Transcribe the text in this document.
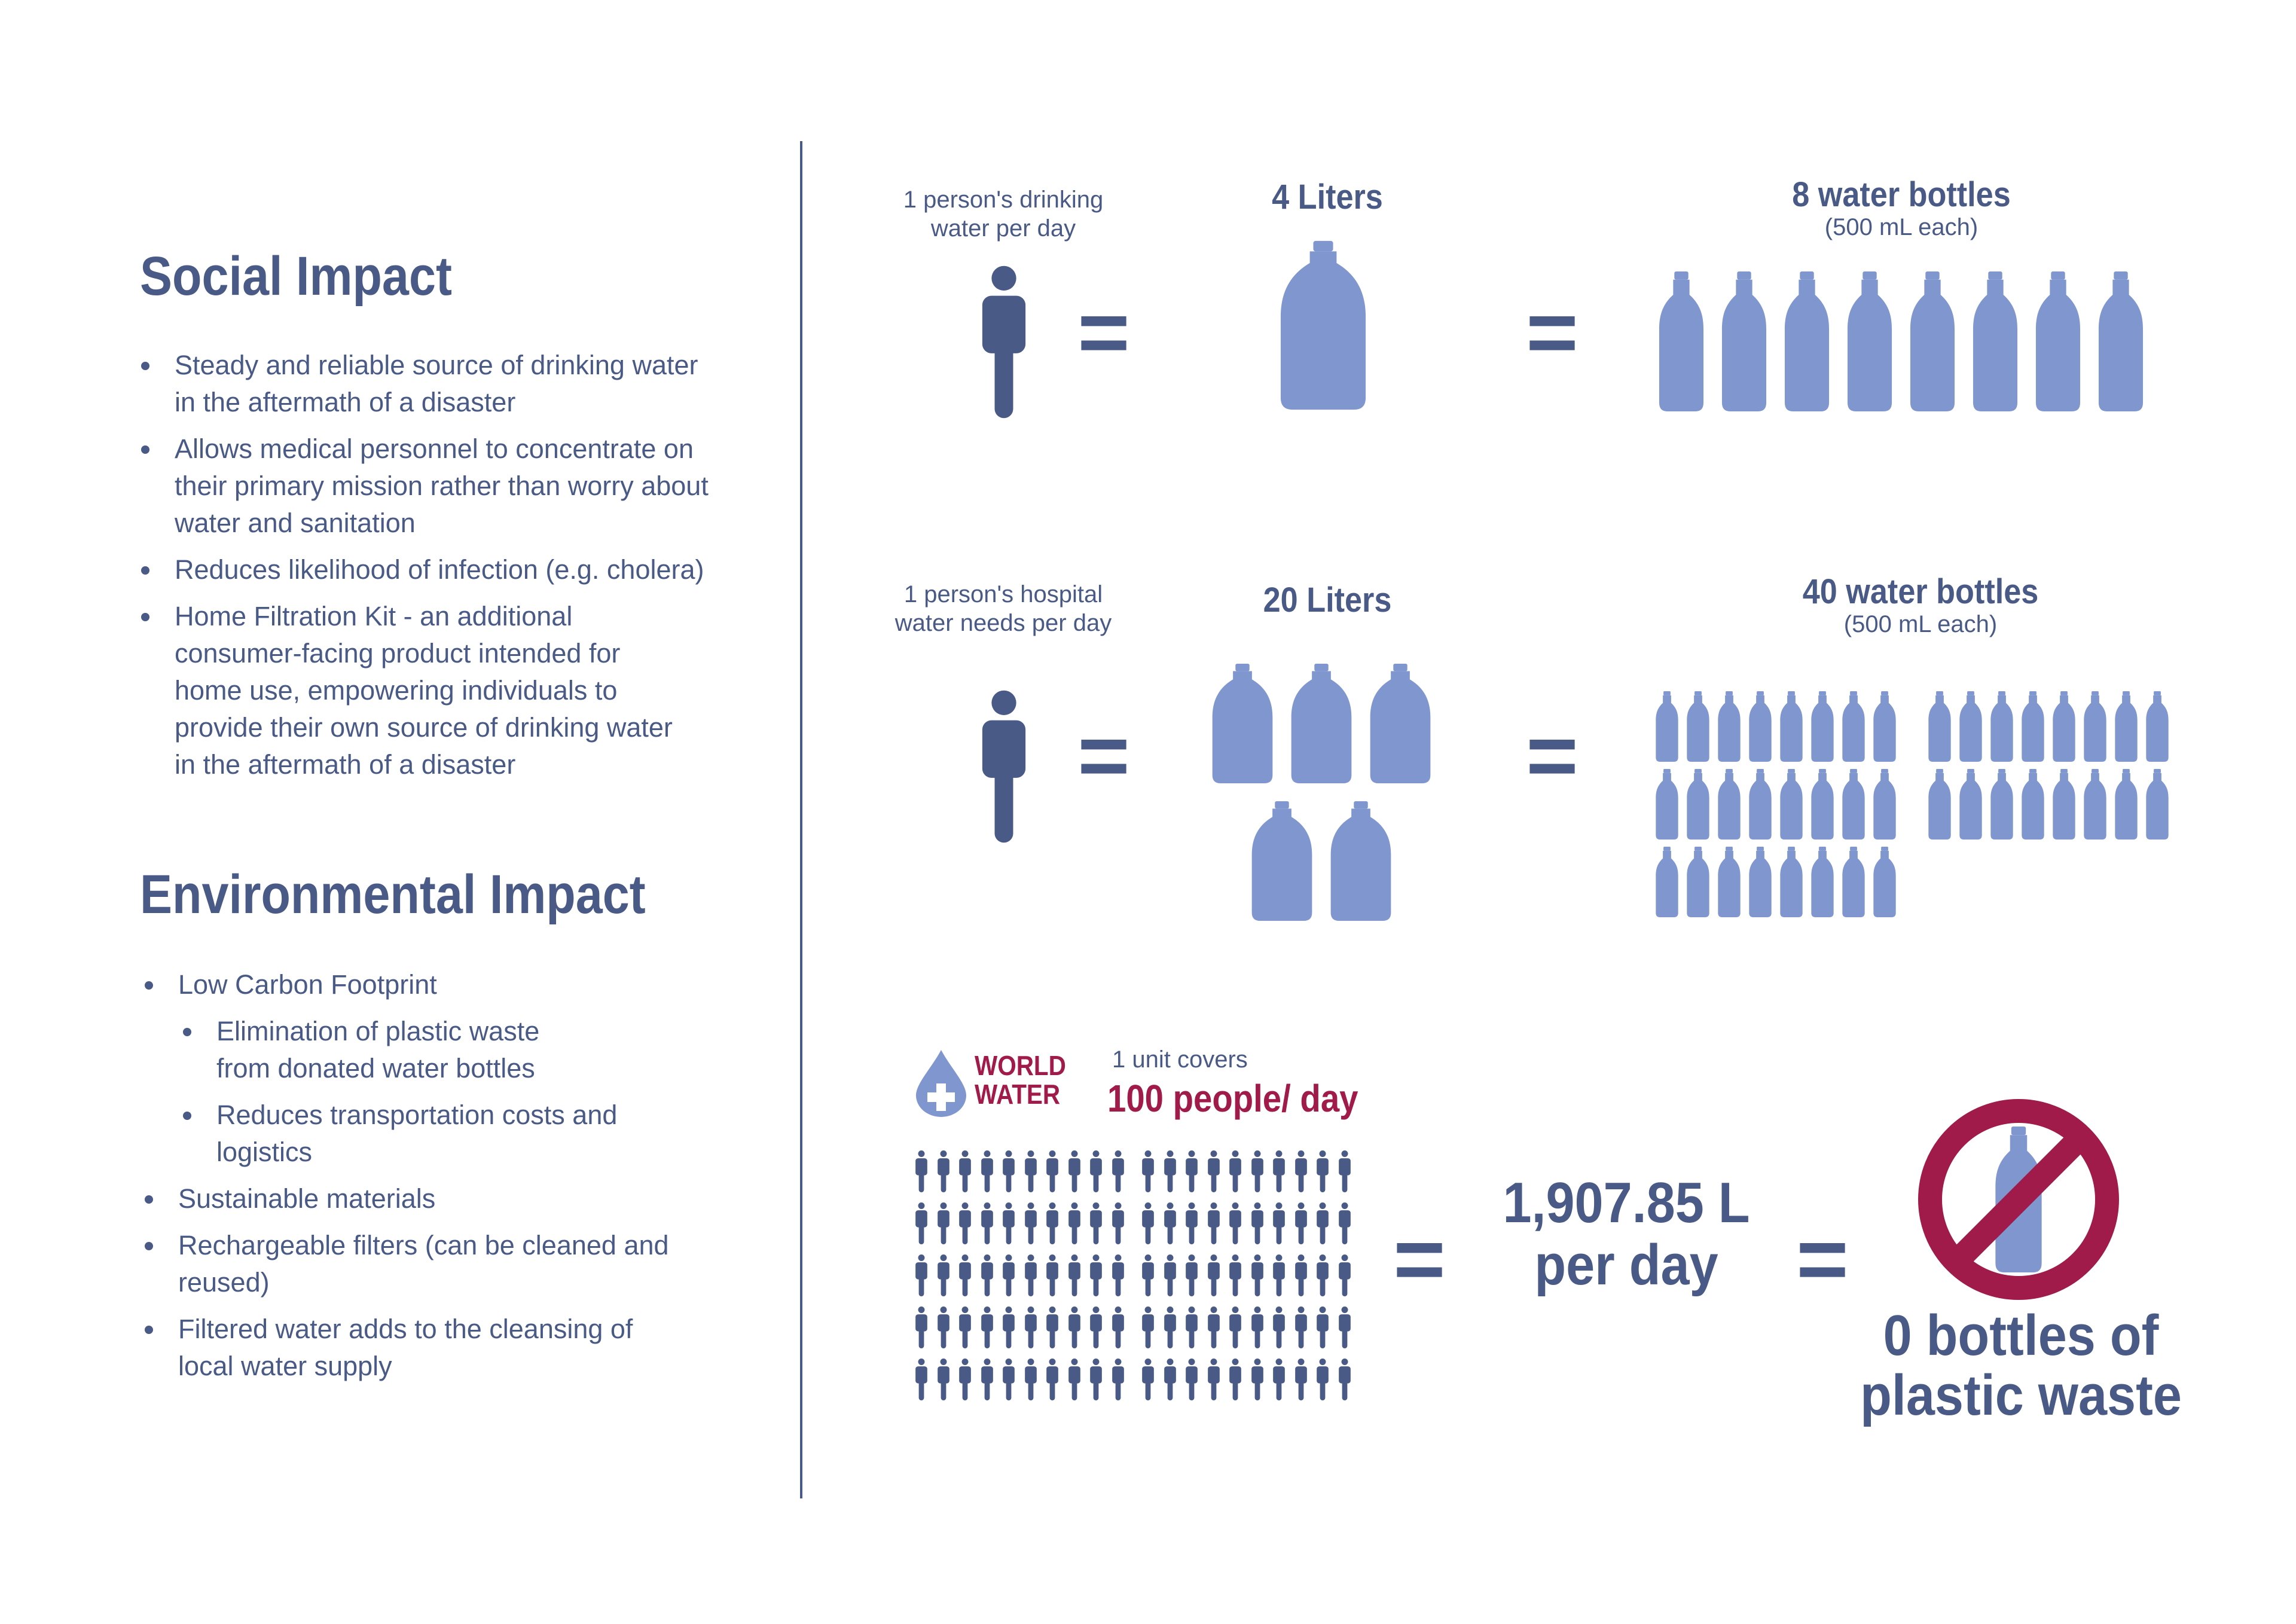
Social Impact
Steady and reliable source of drinking water in the aftermath of a disaster
Allows medical personnel to concentrate on their primary mission rather than worry about water and sanitation
Reduces likelihood of infection (e.g. cholera)
Home Filtration Kit - an additional consumer-facing product intended for home use, empowering individuals to provide their own source of drinking water in the aftermath of a disaster
Environmental Impact
Low Carbon Footprint
Elimination of plastic waste from donated water bottles
Reduces transportation costs and logistics
Sustainable materials
Rechargeable filters (can be cleaned and reused)
Filtered water adds to the cleansing of local water supply
1 person's drinking water per day
=
4 Liters
=
8 water bottles
(500 mL each)
1 person's hospital water needs per day
=
20 Liters
=
40 water bottles
(500 mL each)
WORLD
WATER
1 unit covers
100 people/ day
=
1,907.85 L
per day =
0 bottles of
plastic waste
